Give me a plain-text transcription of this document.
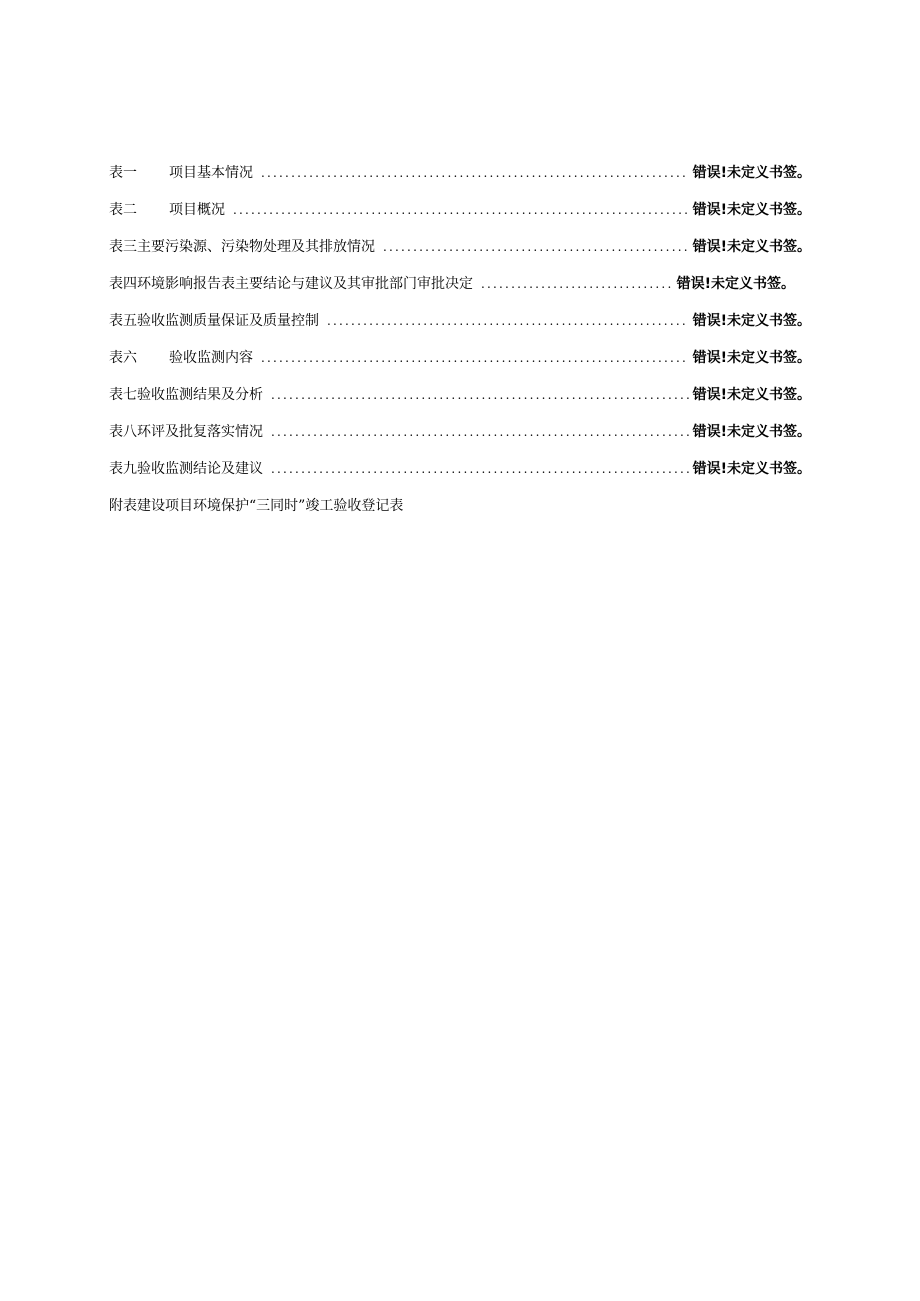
表一 项目基本情况 .....	错误!未定义书签。
表二 项目概况 .....	错误!未定义书签。
表三主要污染源、污染物处理及其排放情况 .....	错误!未定义书签。
表四环境影响报告表主要结论与建议及其审批部门审批决定 .....	错误!未定义书签。
表五验收监测质量保证及质量控制 .....	错误!未定义书签。
表六 验收监测内容 .....	错误!未定义书签。
表七验收监测结果及分析 .....	错误!未定义书签。
表八环评及批复落实情况 .....	错误!未定义书签。
表九验收监测结论及建议 .....	错误!未定义书签。
附表建设项目环境保护“三同时”竣工验收登记表
